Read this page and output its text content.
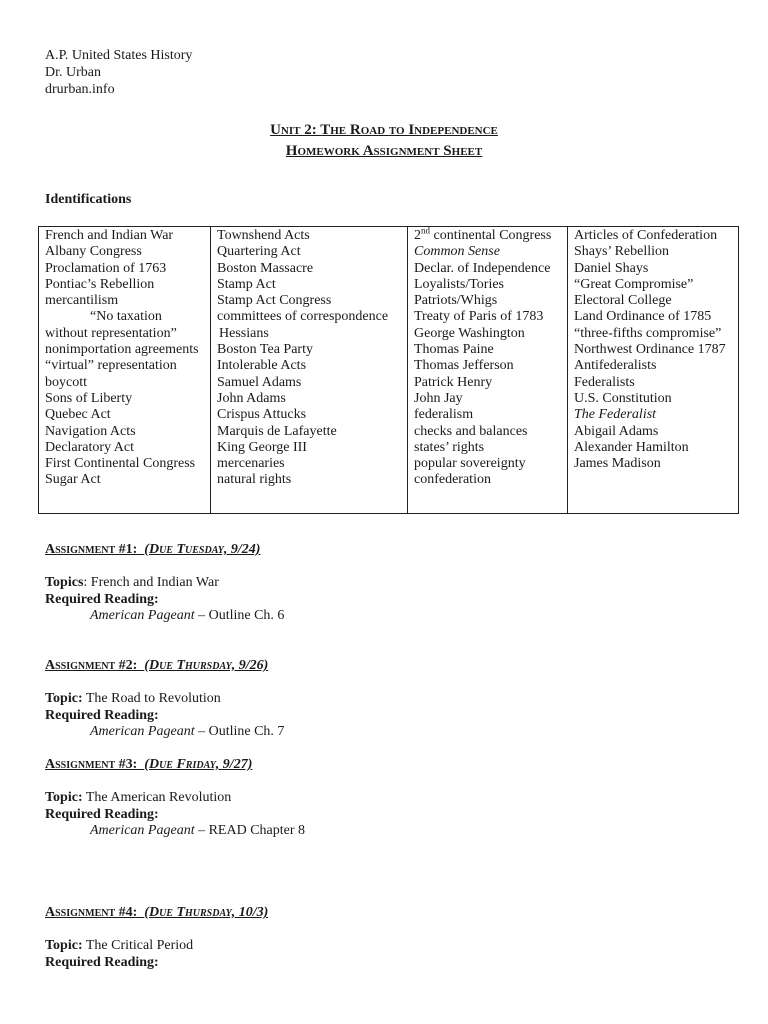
A.P. United States History
Dr. Urban
drurban.info
Unit 2: The Road to Independence
Homework Assignment Sheet
Identifications
French and Indian War
Albany Congress
Proclamation of 1763
Pontiac’s Rebellion
mercantilism
“No taxation
without representation”
nonimportation agreements
“virtual” representation
boycott
Sons of Liberty
Quebec Act
Navigation Acts
Declaratory Act
First Continental Congress
Sugar Act

Townshend Acts
Quartering Act
Boston Massacre
Stamp Act
Stamp Act Congress
committees of correspondence
Hessians
Boston Tea Party
Intolerable Acts
Samuel Adams
John Adams
Crispus Attucks
Marquis de Lafayette
King George III
mercenaries
natural rights

2nd continental Congress
Common Sense
Declar. of Independence
Loyalists/Tories
Patriots/Whigs
Treaty of Paris of 1783
George Washington
Thomas Paine
Thomas Jefferson
Patrick Henry
John Jay
federalism
checks and balances
states’ rights
popular sovereignty
confederation

Articles of Confederation
Shays’ Rebellion
Daniel Shays
“Great Compromise”
Electoral College
Land Ordinance of 1785
“three-fifths compromise”
Northwest Ordinance 1787
Antifederalists
Federalists
U.S. Constitution
The Federalist
Abigail Adams
Alexander Hamilton
James Madison
Assignment #1: (Due Tuesday, 9/24)
Topics: French and Indian War
Required Reading:
American Pageant – Outline Ch. 6
Assignment #2: (Due Thursday, 9/26)
Topic: The Road to Revolution
Required Reading:
American Pageant – Outline Ch. 7
Assignment #3: (Due Friday, 9/27)
Topic: The American Revolution
Required Reading:
American Pageant – READ Chapter 8
Assignment #4: (Due Thursday, 10/3)
Topic: The Critical Period
Required Reading:
